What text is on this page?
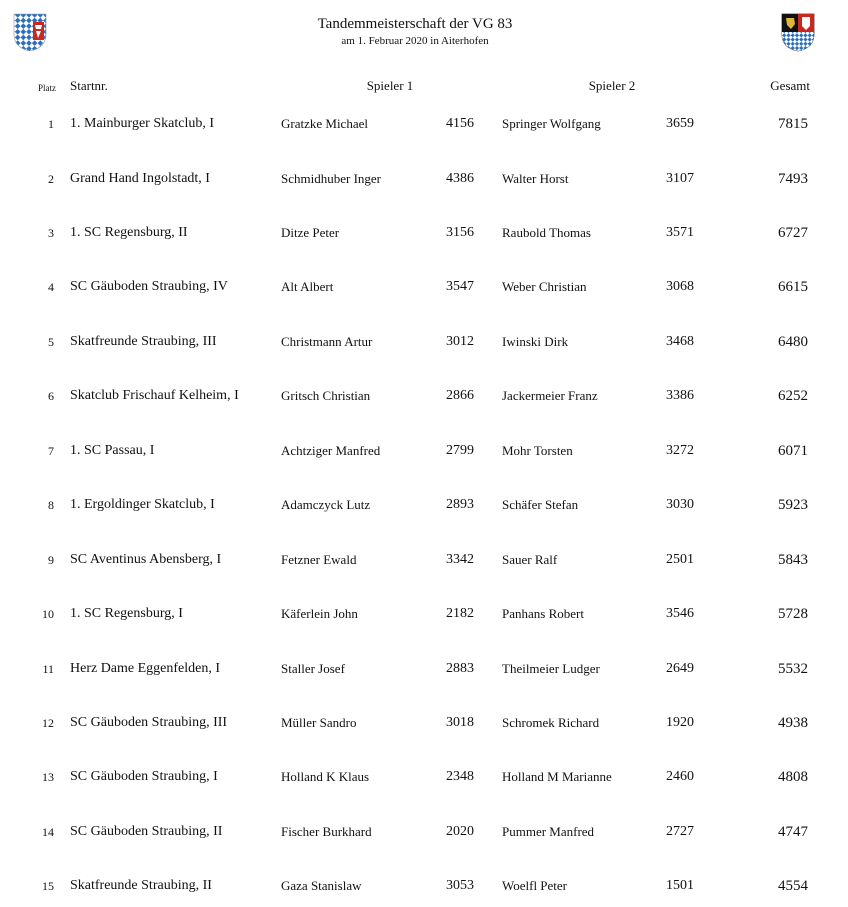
Tandemmeisterschaft der VG 83
am 1. Februar 2020 in Aiterhofen
Platz Startnr.	Spieler 1	Spieler 2	Gesamt
1 1. Mainburger Skatclub, I	Gratzke Michael	4156 Springer Wolfgang	3659	7815
2 Grand Hand Ingolstadt, I	Schmidhuber Inger	4386 Walter Horst	3107	7493
3 1. SC Regensburg, II	Ditze Peter	3156 Raubold Thomas	3571	6727
4 SC Gäuboden Straubing, IV	Alt Albert	3547 Weber Christian	3068	6615
5 Skatfreunde Straubing, III	Christmann Artur	3012 Iwinski Dirk	3468	6480
6 Skatclub Frischauf Kelheim, I	Gritsch Christian	2866 Jackermeier Franz	3386	6252
7 1. SC Passau, I	Achtziger Manfred	2799 Mohr Torsten	3272	6071
8 1. Ergoldinger Skatclub, I	Adamczyck Lutz	2893 Schäfer Stefan	3030	5923
9 SC Aventinus Abensberg, I	Fetzner Ewald	3342 Sauer Ralf	2501	5843
10 1. SC Regensburg, I	Käferlein John	2182 Panhans Robert	3546	5728
11 Herz Dame Eggenfelden, I	Staller Josef	2883 Theilmeier Ludger	2649	5532
12 SC Gäuboden Straubing, III	Müller Sandro	3018 Schromek Richard	1920	4938
13 SC Gäuboden Straubing, I	Holland K Klaus	2348 Holland M Marianne	2460	4808
14 SC Gäuboden Straubing, II	Fischer Burkhard	2020 Pummer Manfred	2727	4747
15 Skatfreunde Straubing, II	Gaza Stanislaw	3053 Woelfl Peter	1501	4554
